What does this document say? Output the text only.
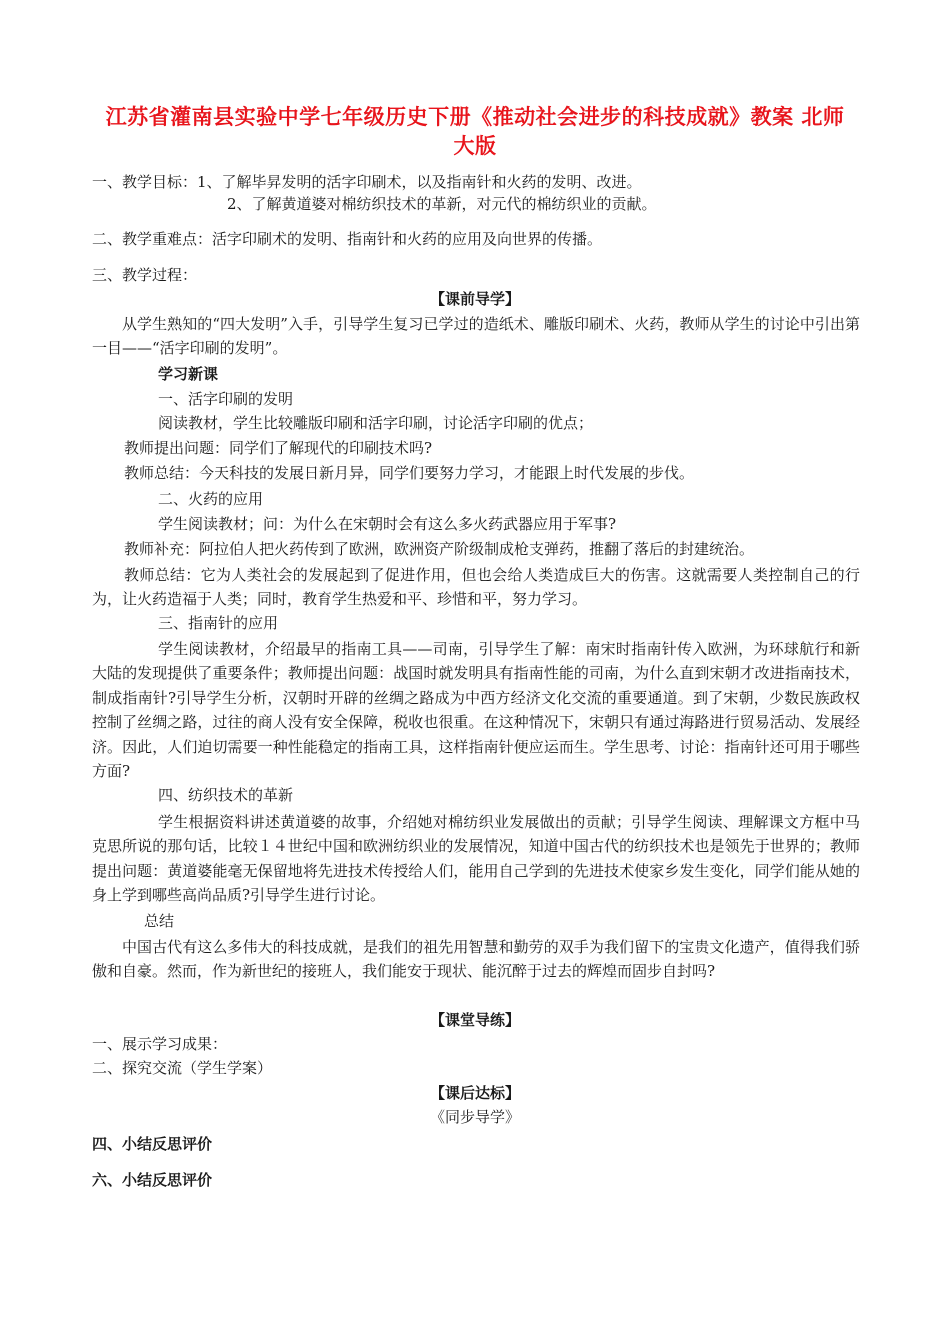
江苏省灌南县实验中学七年级历史下册《推动社会进步的科技成就》教案 北师大版
一、教学目标：1、了解毕昇发明的活字印刷术，以及指南针和火药的发明、改进。
2、了解黄道婆对棉纺织技术的革新，对元代的棉纺织业的贡献。
二、教学重难点：活字印刷术的发明、指南针和火药的应用及向世界的传播。
三、教学过程：
【课前导学】
从学生熟知的“四大发明”入手，引导学生复习已学过的造纸术、雕版印刷术、火药，教师从学生的讨论中引出第一目——“活字印刷的发明”。
学习新课
一、活字印刷的发明
阅读教材，学生比较雕版印刷和活字印刷，讨论活字印刷的优点；
教师提出问题：同学们了解现代的印刷技术吗?
教师总结：今天科技的发展日新月异，同学们要努力学习，才能跟上时代发展的步伐。
二、火药的应用
学生阅读教材；问：为什么在宋朝时会有这么多火药武器应用于军事?
教师补充：阿拉伯人把火药传到了欧洲，欧洲资产阶级制成枪支弹药，推翻了落后的封建统治。
教师总结：它为人类社会的发展起到了促进作用，但也会给人类造成巨大的伤害。这就需要人类控制自己的行为，让火药造福于人类；同时，教育学生热爱和平、珍惜和平，努力学习。
三、指南针的应用
学生阅读教材，介绍最早的指南工具——司南，引导学生了解：南宋时指南针传入欧洲，为环球航行和新大陆的发现提供了重要条件；教师提出问题：战国时就发明具有指南性能的司南，为什么直到宋朝才改进指南技术，制成指南针?引导学生分析，汉朝时开辟的丝绸之路成为中西方经济文化交流的重要通道。到了宋朝，少数民族政权控制了丝绸之路，过往的商人没有安全保障，税收也很重。在这种情况下，宋朝只有通过海路进行贸易活动、发展经济。因此，人们迫切需要一种性能稳定的指南工具，这样指南针便应运而生。学生思考、讨论：指南针还可用于哪些方面?
四、纺织技术的革新
学生根据资料讲述黄道婆的故事，介绍她对棉纺织业发展做出的贡献；引导学生阅读、理解课文方框中马克思所说的那句话，比较１４世纪中国和欧洲纺织业的发展情况，知道中国古代的纺织技术也是领先于世界的；教师提出问题：黄道婆能毫无保留地将先进技术传授给人们，能用自己学到的先进技术使家乡发生变化，同学们能从她的身上学到哪些高尚品质?引导学生进行讨论。
总结
中国古代有这么多伟大的科技成就，是我们的祖先用智慧和勤劳的双手为我们留下的宝贵文化遗产，值得我们骄傲和自豪。然而，作为新世纪的接班人，我们能安于现状、能沉醉于过去的辉煌而固步自封吗?
【课堂导练】
一、展示学习成果：
二、探究交流（学生学案）
【课后达标】
《同步导学》
四、小结反思评价
六、小结反思评价
